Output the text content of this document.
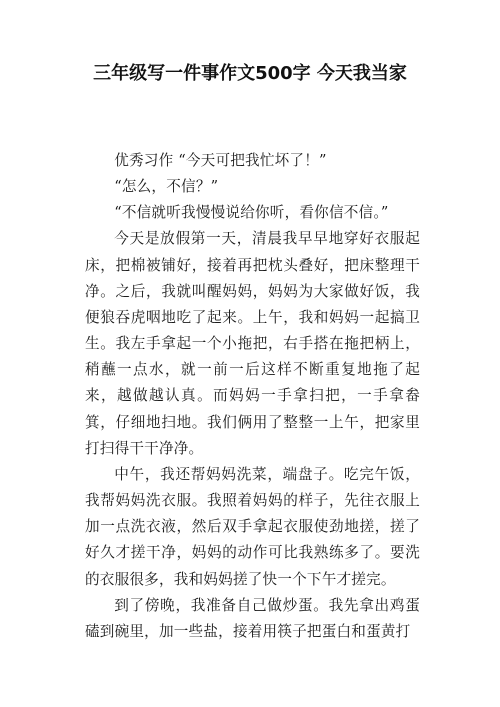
三年级写一件事作文500字 今天我当家

优秀习作 “今天可把我忙坏了！”

“怎么，不信？”

“不信就听我慢慢说给你听，看你信不信。”

今天是放假第一天，清晨我早早地穿好衣服起床，把棉被铺好，接着再把枕头叠好，把床整理干净。之后，我就叫醒妈妈，妈妈为大家做好饭，我便狼吞虎咽地吃了起来。上午，我和妈妈一起搞卫生。我左手拿起一个小拖把，右手搭在拖把柄上，稍蘸一点水，就一前一后这样不断重复地拖了起来，越做越认真。而妈妈一手拿扫把，一手拿畚箕，仔细地扫地。我们俩用了整整一上午，把家里打扫得干干净净。

中午，我还帮妈妈洗菜，端盘子。吃完午饭，我帮妈妈洗衣服。我照着妈妈的样子，先往衣服上加一点洗衣液，然后双手拿起衣服使劲地搓，搓了好久才搓干净，妈妈的动作可比我熟练多了。要洗的衣服很多，我和妈妈搓了快一个下午才搓完。

到了傍晚，我准备自己做炒蛋。我先拿出鸡蛋磕到碗里，加一些盐，接着用筷子把蛋白和蛋黄打
